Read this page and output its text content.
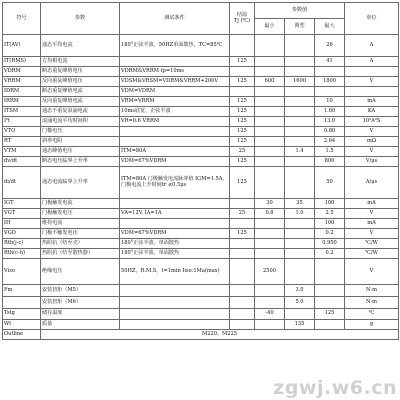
符号	参数	测试条件	结温
Tj (℃)	参数值			单位
				最小	典型	最大	
IT(AV)	通态平均电流	180°正弦半波，50HZ单面散热，TC=85℃				26	A
IT(RMS)	方均根电流		125			41	A
VDRM	断态重复峰值电压	VDRM&VRRM tp=10ms					
VRRM	反向重复峰值电压	VDSM&VRSM=VDRM&VRRM+200V	125	600	1600	1800	V
IDRM	断态重复峰值电流	VDM=VDRM					
IRRM	反向重复峰值电流	VRM=VRRM	125			10	mA
ITSM	通态不重复浪涌电流	10ms底宽，正弦半波	125			1.60	KA
I²t	浪涌电流平均时间积	VR=0.6 VRRM	125			13.0	10³A²S
VTO	门槛电压		125			0.80	V
RT	斜率电阻		125			2.64	mΩ
VTM	通态峰值电压	ITM=80A	25		1.4	1.5	V
dv/dt	断态电压临界上升率	VDM=67%VDRM	125			800	V/μs
di/dt	通态电流临界上升率	ITM=80A 门极触发电流脉冲值 IGM=1.5A，门极电流上升时间tr ≤0.5μs	125			50	A/μs
IGT	门极触发电流			30	35	100	mA
VGT	门极触发电压	VA=12V, IA=1A	25	0.8	1.0	2.5	V
IH	维持电流					100	mA
VGD	门极不触发电压	VDM=67%VDRM	125			0.2	V
Rth(j-c)	热阻抗（结至壳）	180°正弦半波，单面散热				0.950	℃/W
Rth(c-h)	热阻抗（结至散热器）	180°正弦半波，单面散热				0.2	℃/W
Viso	绝缘电压	50HZ，R.M.S，t=1min Iiso:1Ma(max)		2500			V
Fm	安装扭矩（M5）				3.0		N·m
	安装扭矩（M6）				5.0		N·m
Tstg	储存温度			-40		125	℃
Wt	质量				135		g
Outline	M220、M225						
zgwj.w6.cn
